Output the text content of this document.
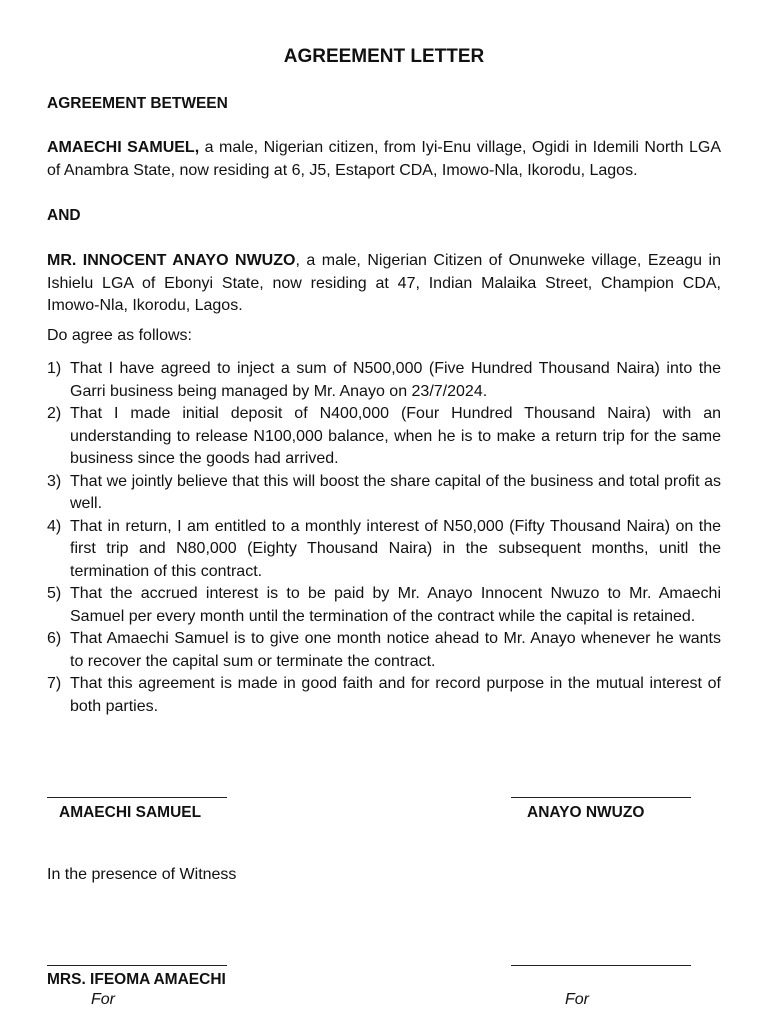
AGREEMENT LETTER
AGREEMENT BETWEEN
AMAECHI SAMUEL, a male, Nigerian citizen, from Iyi-Enu village, Ogidi in Idemili North LGA of Anambra State, now residing at 6, J5, Estaport CDA, Imowo-Nla, Ikorodu, Lagos.
AND
MR. INNOCENT ANAYO NWUZO, a male, Nigerian Citizen of Onunweke village, Ezeagu in Ishielu LGA of Ebonyi State, now residing at 47, Indian Malaika Street, Champion CDA, Imowo-Nla, Ikorodu, Lagos.
Do agree as follows:
1) That I have agreed to inject a sum of N500,000 (Five Hundred Thousand Naira) into the Garri business being managed by Mr. Anayo on 23/7/2024.
2) That I made initial deposit of N400,000 (Four Hundred Thousand Naira) with an understanding to release N100,000 balance, when he is to make a return trip for the same business since the goods had arrived.
3) That we jointly believe that this will boost the share capital of the business and total profit as well.
4) That in return, I am entitled to a monthly interest of N50,000 (Fifty Thousand Naira) on the first trip and N80,000 (Eighty Thousand Naira) in the subsequent months, unitl the termination of this contract.
5) That the accrued interest is to be paid by Mr. Anayo Innocent Nwuzo to Mr. Amaechi Samuel per every month until the termination of the contract while the capital is retained.
6) That Amaechi Samuel is to give one month notice ahead to Mr. Anayo whenever he wants to recover the capital sum or terminate the contract.
7) That this agreement is made in good faith and for record purpose in the mutual interest of both parties.
AMAECHI SAMUEL	ANAYO NWUZO
In the presence of Witness
MRS. IFEOMA AMAECHI
For	For
